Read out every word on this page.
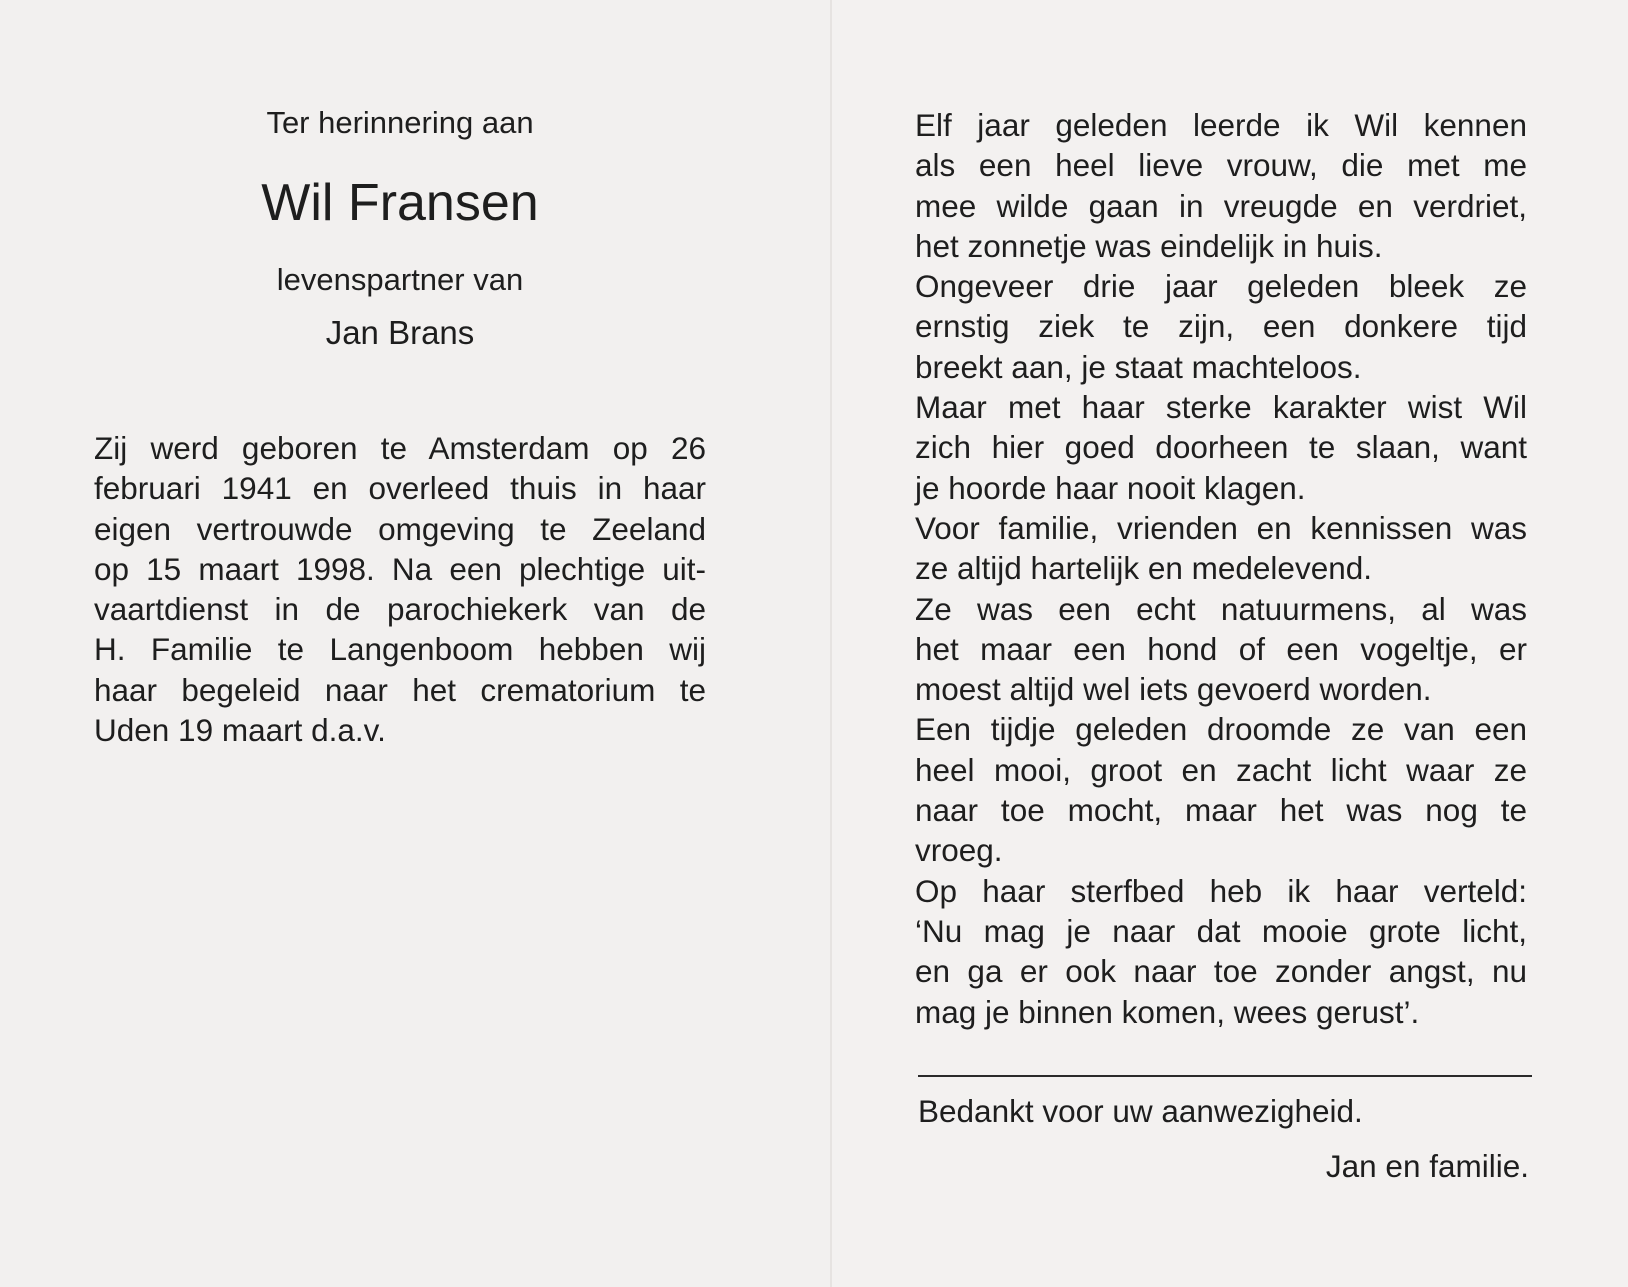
Ter herinnering aan
Wil Fransen
levenspartner van
Jan Brans
Zij werd geboren te Amsterdam op 26
februari 1941 en overleed thuis in haar
eigen vertrouwde omgeving te Zeeland
op 15 maart 1998. Na een plechtige uit-
vaartdienst in de parochiekerk van de
H. Familie te Langenboom hebben wij
haar begeleid naar het crematorium te
Uden 19 maart d.a.v.
Elf jaar geleden leerde ik Wil kennen
als een heel lieve vrouw, die met me
mee wilde gaan in vreugde en verdriet,
het zonnetje was eindelijk in huis.
Ongeveer drie jaar geleden bleek ze
ernstig ziek te zijn, een donkere tijd
breekt aan, je staat machteloos.
Maar met haar sterke karakter wist Wil
zich hier goed doorheen te slaan, want
je hoorde haar nooit klagen.
Voor familie, vrienden en kennissen was
ze altijd hartelijk en medelevend.
Ze was een echt natuurmens, al was
het maar een hond of een vogeltje, er
moest altijd wel iets gevoerd worden.
Een tijdje geleden droomde ze van een
heel mooi, groot en zacht licht waar ze
naar toe mocht, maar het was nog te
vroeg.
Op haar sterfbed heb ik haar verteld:
‘Nu mag je naar dat mooie grote licht,
en ga er ook naar toe zonder angst, nu
mag je binnen komen, wees gerust’.
Bedankt voor uw aanwezigheid.
Jan en familie.
